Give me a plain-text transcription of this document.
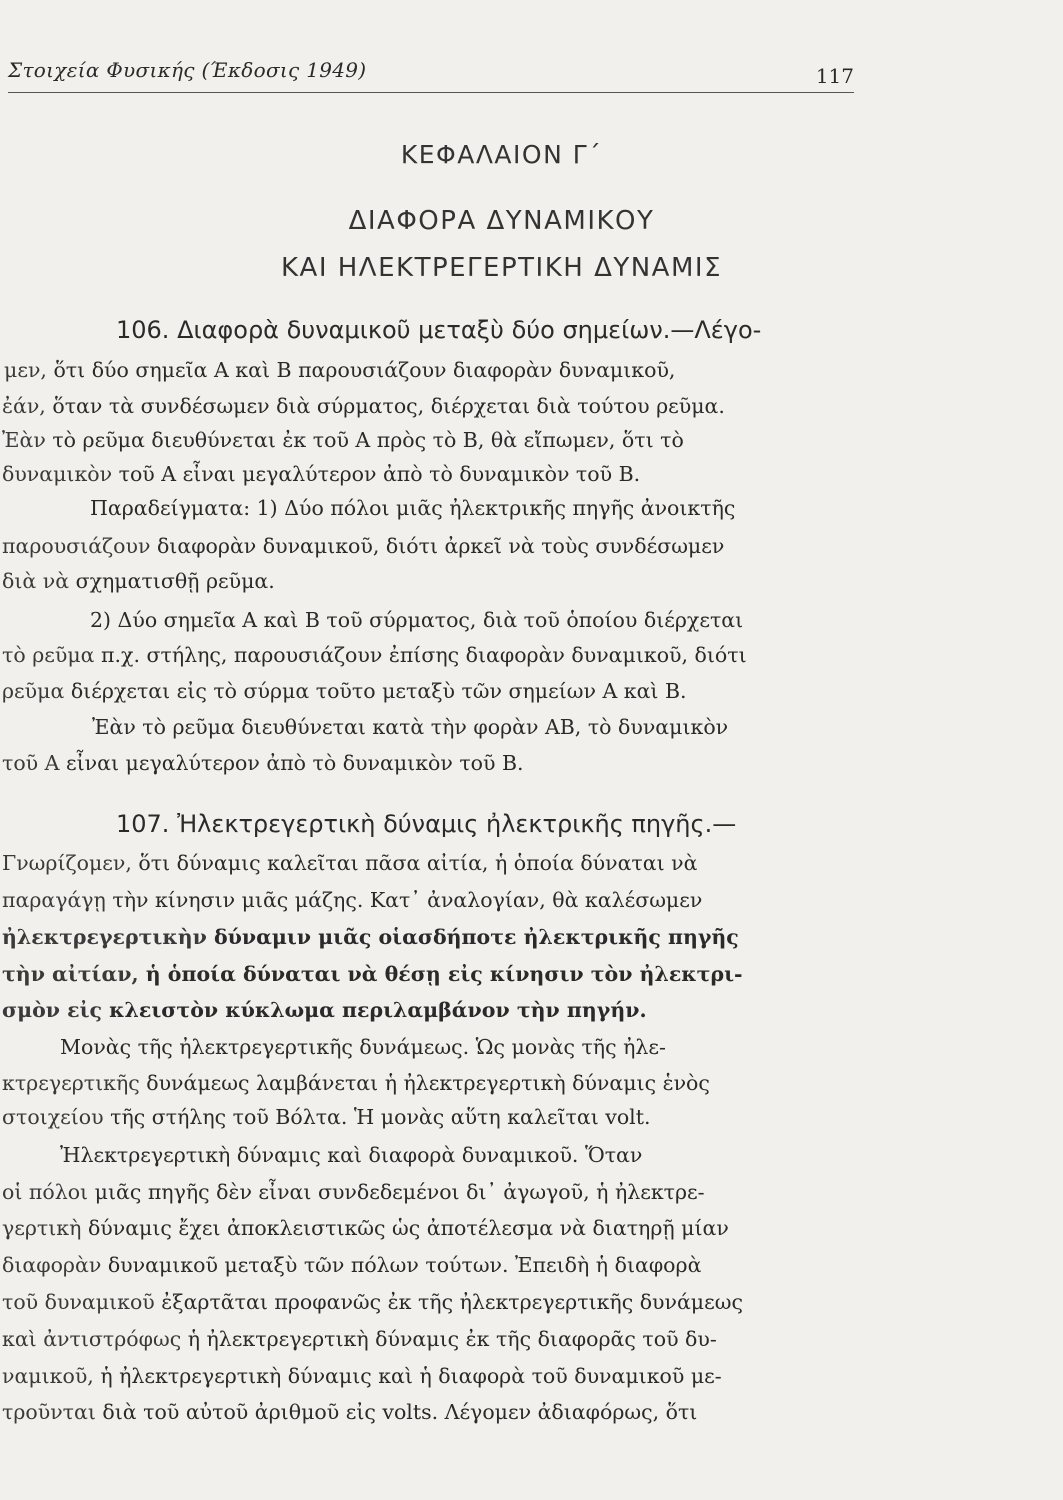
Στοιχεία Φυσικής (Έκδοσις 1949)	117
ΚΕΦΑΛΑΙΟΝ Γ΄
ΔΙΑΦΟΡΑ ΔΥΝΑΜΙΚΟΥ
ΚΑΙ ΗΛΕΚΤΡΕΓΕΡΤΙΚΗ ΔΥΝΑΜΙΣ
106. Διαφορὰ δυναμικοῦ μεταξὺ δύο σημείων.—Λέγο-
μεν, ὅτι δύο σημεῖα Α καὶ Β παρουσιάζουν διαφορὰν δυναμικοῦ,
ἐάν, ὅταν τὰ συνδέσωμεν διὰ σύρματος, διέρχεται διὰ τούτου ρεῦμα.
Ἐὰν τὸ ρεῦμα διευθύνεται ἐκ τοῦ Α πρὸς τὸ Β, θὰ εἴπωμεν, ὅτι τὸ
δυναμικὸν τοῦ Α εἶναι μεγαλύτερον ἀπὸ τὸ δυναμικὸν τοῦ Β.
Παραδείγματα: 1) Δύο πόλοι μιᾶς ἠλεκτρικῆς πηγῆς ἀνοικτῆς
παρουσιάζουν διαφορὰν δυναμικοῦ, διότι ἀρκεῖ νὰ τοὺς συνδέσωμεν
διὰ νὰ σχηματισθῇ ρεῦμα.
2) Δύο σημεῖα Α καὶ Β τοῦ σύρματος, διὰ τοῦ ὁποίου διέρχεται
τὸ ρεῦμα π.χ. στήλης, παρουσιάζουν ἐπίσης διαφορὰν δυναμικοῦ, διότι
ρεῦμα διέρχεται εἰς τὸ σύρμα τοῦτο μεταξὺ τῶν σημείων Α καὶ Β.
Ἐὰν τὸ ρεῦμα διευθύνεται κατὰ τὴν φορὰν ΑΒ, τὸ δυναμικὸν
τοῦ Α εἶναι μεγαλύτερον ἀπὸ τὸ δυναμικὸν τοῦ Β.
107. Ἠλεκτρεγερτικὴ δύναμις ἠλεκτρικῆς πηγῆς.—
Γνωρίζομεν, ὅτι δύναμις καλεῖται πᾶσα αἰτία, ἡ ὁποία δύναται νὰ
παραγάγῃ τὴν κίνησιν μιᾶς μάζης. Κατ᾿ ἀναλογίαν, θὰ καλέσωμεν
ἠλεκτρεγερτικὴν δύναμιν μιᾶς οἱασδήποτε ἠλεκτρικῆς πηγῆς
τὴν αἰτίαν, ἡ ὁποία δύναται νὰ θέσῃ εἰς κίνησιν τὸν ἠλεκτρι-
σμὸν εἰς κλειστὸν κύκλωμα περιλαμβάνον τὴν πηγήν.
Μονὰς τῆς ἠλεκτρεγερτικῆς δυνάμεως. Ὡς μονὰς τῆς ἠλε-
κτρεγερτικῆς δυνάμεως λαμβάνεται ἡ ἠλεκτρεγερτικὴ δύναμις ἑνὸς
στοιχείου τῆς στήλης τοῦ Βόλτα. Ἡ μονὰς αὕτη καλεῖται volt.
Ἠλεκτρεγερτικὴ δύναμις καὶ διαφορὰ δυναμικοῦ. Ὅταν
οἱ πόλοι μιᾶς πηγῆς δὲν εἶναι συνδεδεμένοι δι᾿ ἀγωγοῦ, ἡ ἠλεκτρε-
γερτικὴ δύναμις ἔχει ἀποκλειστικῶς ὡς ἀποτέλεσμα νὰ διατηρῇ μίαν
διαφορὰν δυναμικοῦ μεταξὺ τῶν πόλων τούτων. Ἐπειδὴ ἡ διαφορὰ
τοῦ δυναμικοῦ ἐξαρτᾶται προφανῶς ἐκ τῆς ἠλεκτρεγερτικῆς δυνάμεως
καὶ ἀντιστρόφως ἡ ἠλεκτρεγερτικὴ δύναμις ἐκ τῆς διαφορᾶς τοῦ δυ-
ναμικοῦ, ἡ ἠλεκτρεγερτικὴ δύναμις καὶ ἡ διαφορὰ τοῦ δυναμικοῦ με-
τροῦνται διὰ τοῦ αὐτοῦ ἀριθμοῦ εἰς volts. Λέγομεν ἀδιαφόρως, ὅτι
